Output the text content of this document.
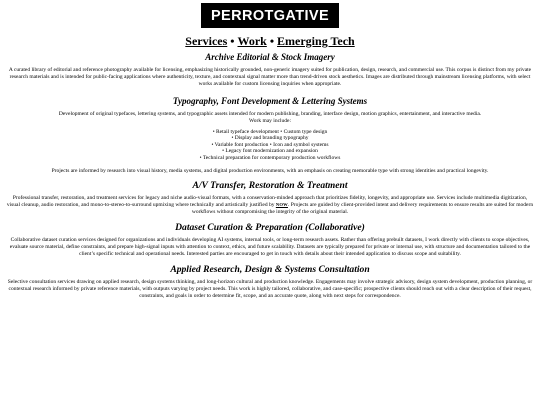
PERROTGATIVE
Services • Work • Emerging Tech
Archive Editorial & Stock Imagery

A curated library of editorial and reference photography available for licensing, emphasizing historically grounded, non-generic imagery suited for publication, design, research, and commercial use. This corpus is distinct from my private research materials and is intended for public-facing applications where authenticity, texture, and contextual signal matter more than trend-driven stock aesthetics. Images are distributed through mainstream licensing platforms, with select works available for custom licensing inquiries when appropriate.

Typography, Font Development & Lettering Systems

Development of original typefaces, lettering systems, and typographic assets intended for modern publishing, branding, interface design, motion graphics, entertainment, and interactive media.

Work may include:

• Retail typeface development • Custom type design
• Display and branding typography
• Variable font production • Icon and symbol systems
• Legacy font modernization and expansion
• Technical preparation for contemporary production workflows

Projects are informed by research into visual history, media systems, and digital production environments, with an emphasis on creating memorable type with strong identities and practical longevity.

A/V Transfer, Restoration & Treatment

Professional transfer, restoration, and treatment services for legacy and niche audio-visual formats, with a conservation-minded approach that prioritizes fidelity, longevity, and appropriate use. Services include multimedia digitization, visual cleanup, audio restoration, and mono-to-stereo-to-surround upmixing where technically and artistically justified by NOW. Projects are guided by client-provided intent and delivery requirements to ensure results are suited for modern workflows without compromising the integrity of the original material.

Dataset Curation & Preparation (Collaborative)

Collaborative dataset curation services designed for organizations and individuals developing AI systems, internal tools, or long-term research assets. Rather than offering prebuilt datasets, I work directly with clients to scope objectives, evaluate source material, define constraints, and prepare high-signal inputs with attention to context, ethics, and future scalability. Datasets are typically prepared for private or internal use, with structure and documentation tailored to the client’s specific technical and operational needs. Interested parties are encouraged to get in touch with details about their intended application to discuss scope and suitability.

Applied Research, Design & Systems Consultation

Selective consultation services drawing on applied research, design systems thinking, and long-horizon cultural and production knowledge. Engagements may involve strategic advisory, design system development, production planning, or contextual research informed by private reference materials, with outputs varying by project needs. This work is highly tailored, collaborative, and case-specific; prospective clients should reach out with a clear description of their request, constraints, and goals in order to determine fit, scope, and an accurate quote, along with next steps for correspondence.
